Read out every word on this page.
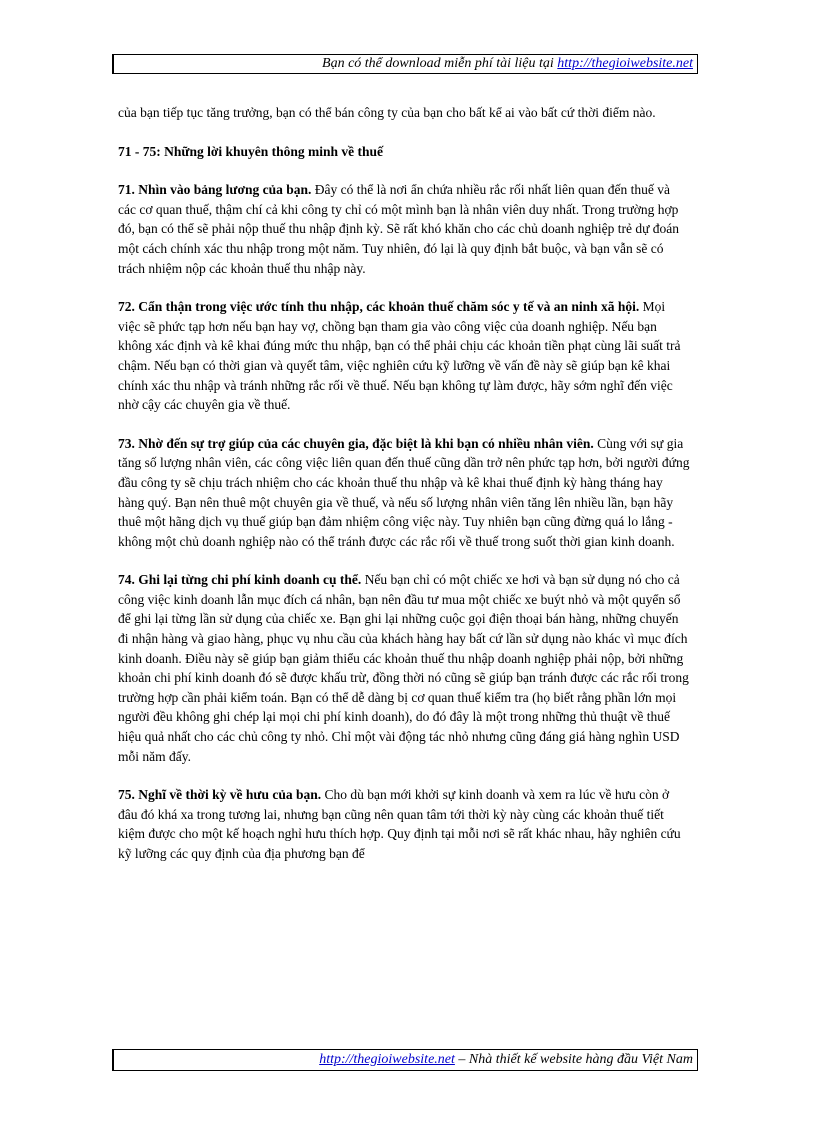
Bạn có thể download miễn phí tài liệu tại http://thegioiwebsite.net

của bạn tiếp tục tăng trưởng, bạn có thể bán công ty của bạn cho bất kể ai vào bất cứ thời điểm nào.

71 - 75: Những lời khuyên thông minh về thuế

71. Nhìn vào bảng lương của bạn. Đây có thể là nơi ẩn chứa nhiều rắc rối nhất liên quan đến thuế và các cơ quan thuế, thậm chí cả khi công ty chỉ có một mình bạn là nhân viên duy nhất. Trong trường hợp đó, bạn có thể sẽ phải nộp thuế thu nhập định kỳ. Sẽ rất khó khăn cho các chủ doanh nghiệp trẻ dự đoán một cách chính xác thu nhập trong một năm. Tuy nhiên, đó lại là quy định bắt buộc, và bạn vẫn sẽ có trách nhiệm nộp các khoản thuế thu nhập này.

72. Cẩn thận trong việc ước tính thu nhập, các khoản thuế chăm sóc y tế và an ninh xã hội. Mọi việc sẽ phức tạp hơn nếu bạn hay vợ, chồng bạn tham gia vào công việc của doanh nghiệp. Nếu bạn không xác định và kê khai đúng mức thu nhập, bạn có thể phải chịu các khoản tiền phạt cùng lãi suất trả chậm. Nếu bạn có thời gian và quyết tâm, việc nghiên cứu kỹ lưỡng về vấn đề này sẽ giúp bạn kê khai chính xác thu nhập và tránh những rắc rối về thuế. Nếu bạn không tự làm được, hãy sớm nghĩ đến việc nhờ cậy các chuyên gia về thuế.

73. Nhờ đến sự trợ giúp của các chuyên gia, đặc biệt là khi bạn có nhiều nhân viên. Cùng với sự gia tăng số lượng nhân viên, các công việc liên quan đến thuế cũng dần trở nên phức tạp hơn, bởi người đứng đầu công ty sẽ chịu trách nhiệm cho các khoản thuế thu nhập và kê khai thuế định kỳ hàng tháng hay hàng quý. Bạn nên thuê một chuyên gia về thuế, và nếu số lượng nhân viên tăng lên nhiều lần, bạn hãy thuê một hãng dịch vụ thuế giúp bạn đảm nhiệm công việc này. Tuy nhiên bạn cũng đừng quá lo lắng - không một chủ doanh nghiệp nào có thể tránh được các rắc rối về thuế trong suốt thời gian kinh doanh.

74. Ghi lại từng chi phí kinh doanh cụ thể. Nếu bạn chỉ có một chiếc xe hơi và bạn sử dụng nó cho cả công việc kinh doanh lẫn mục đích cá nhân, bạn nên đầu tư mua một chiếc xe buýt nhỏ và một quyển sổ để ghi lại từng lần sử dụng của chiếc xe. Bạn ghi lại những cuộc gọi điện thoại bán hàng, những chuyến đi nhận hàng và giao hàng, phục vụ nhu cầu của khách hàng hay bất cứ lần sử dụng nào khác vì mục đích kinh doanh. Điều này sẽ giúp bạn giảm thiểu các khoản thuế thu nhập doanh nghiệp phải nộp, bởi những khoản chi phí kinh doanh đó sẽ được khấu trừ, đồng thời nó cũng sẽ giúp bạn tránh được các rắc rối trong trường hợp cần phải kiểm toán. Bạn có thể dễ dàng bị cơ quan thuế kiểm tra (họ biết rằng phần lớn mọi người đều không ghi chép lại mọi chi phí kinh doanh), do đó đây là một trong những thủ thuật về thuế hiệu quả nhất cho các chủ công ty nhỏ. Chỉ một vài động tác nhỏ nhưng cũng đáng giá hàng nghìn USD mỗi năm đấy.

75. Nghĩ về thời kỳ về hưu của bạn. Cho dù bạn mới khởi sự kinh doanh và xem ra lúc về hưu còn ở đâu đó khá xa trong tương lai, nhưng bạn cũng nên quan tâm tới thời kỳ này cùng các khoản thuế tiết kiệm được cho một kế hoạch nghỉ hưu thích hợp. Quy định tại mỗi nơi sẽ rất khác nhau, hãy nghiên cứu kỹ lưỡng các quy định của địa phương bạn để

http://thegioiwebsite.net – Nhà thiết kế website hàng đầu Việt Nam
